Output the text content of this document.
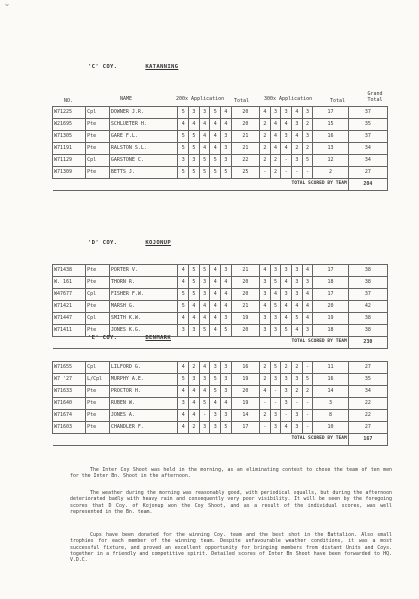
˘
NO.	NAME	200x Application Total	300x Application	Total
Grand Total
'C' COY.	KATANNING
W71225	Cpl	DOWNER J.R.	5	3	3	5	4	20	4	3	3	4	3	17	37
W21695	Pte	SCHLUETER H.	4	4	4	4	4	20	2	4	4	3	2	15	35
W71305	Pte	GARE F.L.	5	5	4	4	3	21	2	4	3	4	3	16	37
W71191	Pte	RALSTON S.L.	5	5	4	4	3	21	2	4	4	2	2	13	34
W71129	Cpl	GARSTONE C.	3	3	5	5	3	22	2	2	-	3	5	12	34
W71309	Pte	BETTS J.	5	5	5	5	5	25	-	2	-	-	-	2	27
TOTAL SCORED BY TEAM															204
'D' COY.	KOJONUP
W71438	Pte	PORTER V.	4	5	5	4	3	21	4	3	3	3	4	17	38
W. 161	Pte	THORN R.	4	5	3	4	4	20	3	5	4	3	3	18	38
W47677	Cpl	FISHER F.W.	5	5	3	4	4	20	3	4	3	3	4	17	37
W71421	Pte	MARSH G.	5	4	4	4	4	21	4	5	4	4	4	20	42
W71447	Cpl	SMITH K.W.	4	4	4	4	3	19	3	3	4	5	4	19	38
W71411	Pte	JONES K.G.	3	3	5	4	5	20	3	3	5	4	3	18	38
TOTAL SCORED BY TEAM															230
'E' COY.	DENMARK
W71655	Cpl	LILFORD G.	4	2	4	3	3	16	2	5	2	2	-	11	27
W7 '27	L/Cpl	MURPHY A.E.	5	3	3	5	3	19	2	3	3	3	5	16	35
W71633	Pte	PROCTOR H.	4	4	4	5	3	20	4	-	3	2	2	14	34
W71640	Pte	RUBEN W.	3	4	5	4	4	19	-	-	3	-	-	3	22
W71674	Pte	JONES A.	4	4	-	3	3	14	2	3	-	3	-	8	22
W71603	Pte	CHANDLER F.	4	2	3	3	5	17	-	3	4	3	-	10	27
TOTAL SCORED BY TEAM															167

The Inter Coy Shoot was held in the morning, as an eliminating contest to chose the team of ten men for the Inter Bn. Shoot in the afternoon.

The weather during the morning was reasonably good, with periodical squalls, but during the afternoon deteriorated badly with heavy rain and consequently very poor visibility. It will be seen by the foregoing scores that D Coy. of Kojonup won the Coy Shoot, and as a result of the individual scores, was well represented in the Bn. team.

Cups have been donated for the winning Coy. team and the best shot in the Battalion. Also small trophies for each member of the winning team. Despite unfavourable weather conditions, it was a most successful fixture, and proved an excellent opportunity for bringing members from distant Units and Coys. together in a friendly and competitive spirit. Detailed scores of Inter Bn Shoot have been forwarded to HQ. V.D.C.
